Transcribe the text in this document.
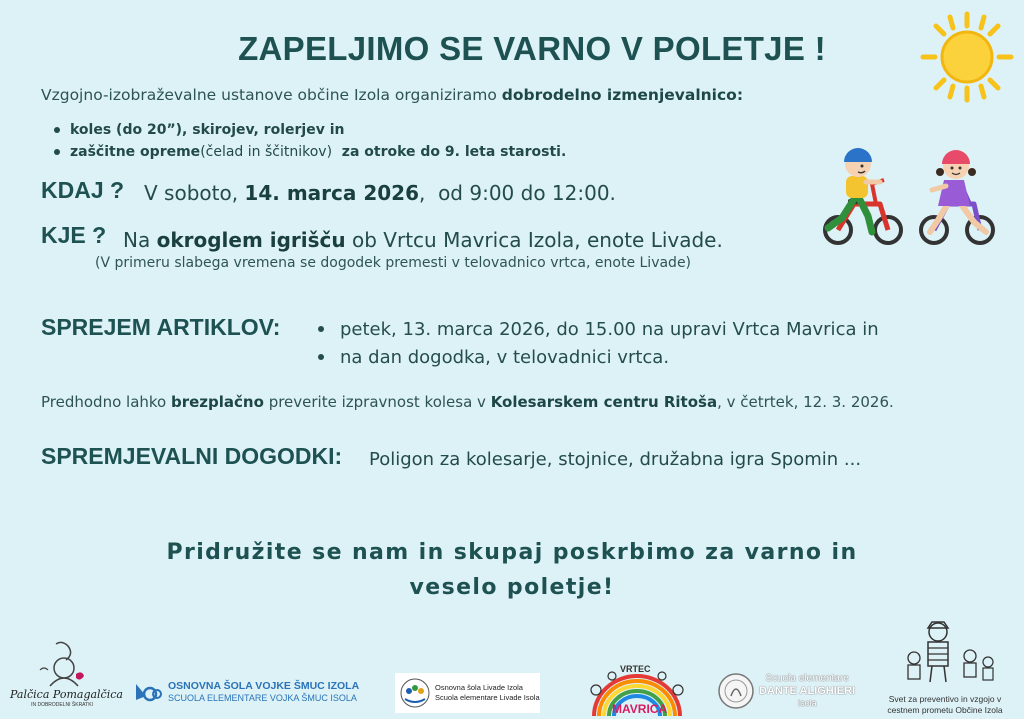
ZAPELJIMO SE VARNO V POLETJE !
Vzgojno-izobraževalne ustanove občine Izola organiziramo dobrodelno izmenjevalnico:
koles (do 20”), skirojev, rolerjev in
zaščitne opreme (čelad in ščitnikov) za otroke do 9. leta starosti.
KDAJ ? V soboto, 14. marca 2026,  od 9:00 do 12:00.
KJE ? Na okroglem igrišču ob Vrtcu Mavrica Izola, enote Livade.
(V primeru slabega vremena se dogodek premesti v telovadnico vrtca, enote Livade)
SPREJEM ARTIKLOV:	petek, 13. marca 2026, do 15.00 na upravi Vrtca Mavrica in
na dan dogodka, v telovadnici vrtca.
Predhodno lahko brezplačno preverite izpravnost kolesa v Kolesarskem centru Ritoša, v četrtek, 12. 3. 2026.
SPREMJEVALNI DOGODKI: Poligon za kolesarje, stojnice, družabna igra Spomin ...
Pridružite se nam in skupaj poskrbimo za varno in
veselo poletje!
Palčica Pomagalčica
IN DOBRODELNI ŠKRATKI
OSNOVNA ŠOLA VOJKE ŠMUC IZOLA
SCUOLA ELEMENTARE VOJKA ŠMUC ISOLA
Osnovna šola Livade Izola
Scuola elementare Livade Isola
VRTEC
MAVRICA
Scuola elementare
DANTE ALIGHIERI
Isola	Svet za preventivo in vzgojo v
cestnem prometu Občine Izola
